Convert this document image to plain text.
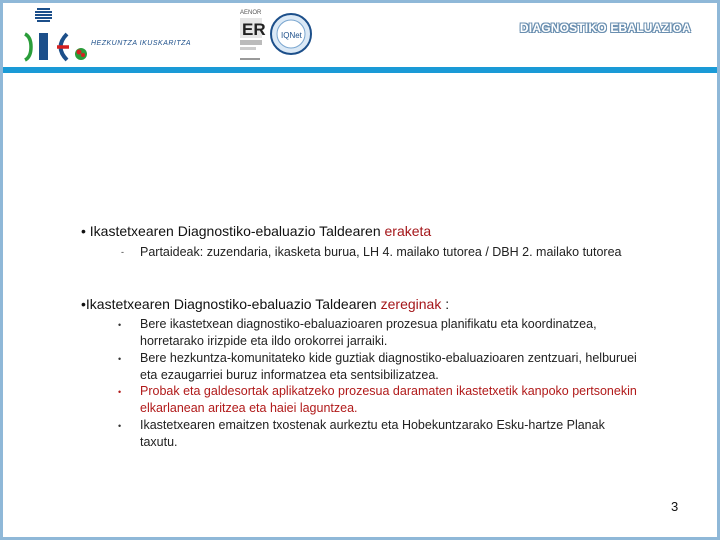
HEZKUNTZA IKUSKARITZA
AENOR
ER IQNet
DIAGNOSTIKO EBALUAZIOA
• Ikastetxearen Diagnostiko-ebaluazio Taldearen eraketa
- Partaideak: zuzendaria, ikasketa burua, LH 4. mailako tutorea / DBH 2. mailako tutorea
•Ikastetxearen Diagnostiko-ebaluazio Taldearen zereginak :
• Bere ikastetxean diagnostiko-ebaluazioaren prozesua planifikatu eta koordinatzea, horretarako irizpide eta ildo orokorrei jarraiki.
• Bere hezkuntza-komunitateko kide guztiak diagnostiko-ebaluazioaren zentzuari, helburuei eta ezaugarriei buruz informatzea eta sentsibilizatzea.
• Probak eta galdesortak aplikatzeko prozesua daramaten ikastetxetik kanpoko pertsonekin elkarlanean aritzea eta haiei laguntzea.
• Ikastetxearen emaitzen txostenak aurkeztu eta Hobekuntzarako Esku-hartze Planak taxutu.
3
